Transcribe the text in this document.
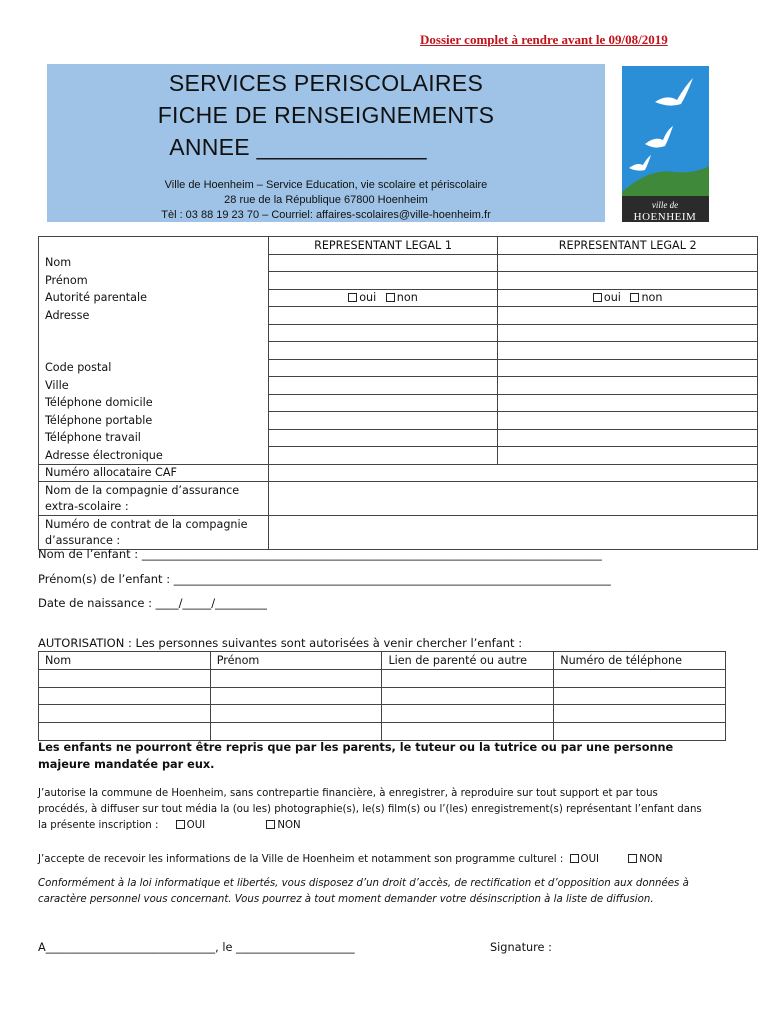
Dossier complet à rendre avant le 09/08/2019
SERVICES PERISCOLAIRES
FICHE DE RENSEIGNEMENTS
ANNEE _____________
Ville de Hoenheim – Service Education, vie scolaire et périscolaire
28 rue de la République 67800 Hoenheim
Tèl : 03 88 19 23 70 – Courriel: affaires-scolaires@ville-hoenheim.fr
ville de
HOENHEIM
	REPRESENTANT LEGAL 1	REPRESENTANT LEGAL 2
Nom		
Prénom		
Autorité parentale	oui non	oui non
Adresse		

Code postal		
Ville		
Téléphone domicile		
Téléphone portable		
Téléphone travail		
Adresse électronique		
Numéro allocataire CAF		
Nom de la compagnie d’assurance
extra-scolaire :		
Numéro de contrat de la compagnie
d’assurance :		
Nom de l’enfant : ________________________________________________________________________________
Prénom(s) de l’enfant : ____________________________________________________________________________
Date de naissance : ____/_____/_________
AUTORISATION : Les personnes suivantes sont autorisées à venir chercher l’enfant :
Nom	Prénom	Lien de parenté ou autre	Numéro de téléphone

Les enfants ne pourront être repris que par les parents, le tuteur ou la tutrice ou par une personne majeure mandatée par eux.
J’autorise la commune de Hoenheim, sans contrepartie financière, à enregistrer, à reproduire sur tout support et par tous
procédés, à diffuser sur tout média la (ou les) photographie(s), le(s) film(s) ou l’(les) enregistrement(s) représentant l’enfant dans
la présente inscription :	OUI	NON
J’accepte de recevoir les informations de la Ville de Hoenheim et notamment son programme culturel : OUI	NON
Conformément à la loi informatique et libertés, vous disposez d’un droit d’accès, de rectification et d’opposition aux données à
caractère personnel vous concernant. Vous pourrez à tout moment demander votre désinscription à la liste de diffusion.
A______________________________, le _____________________	Signature :
